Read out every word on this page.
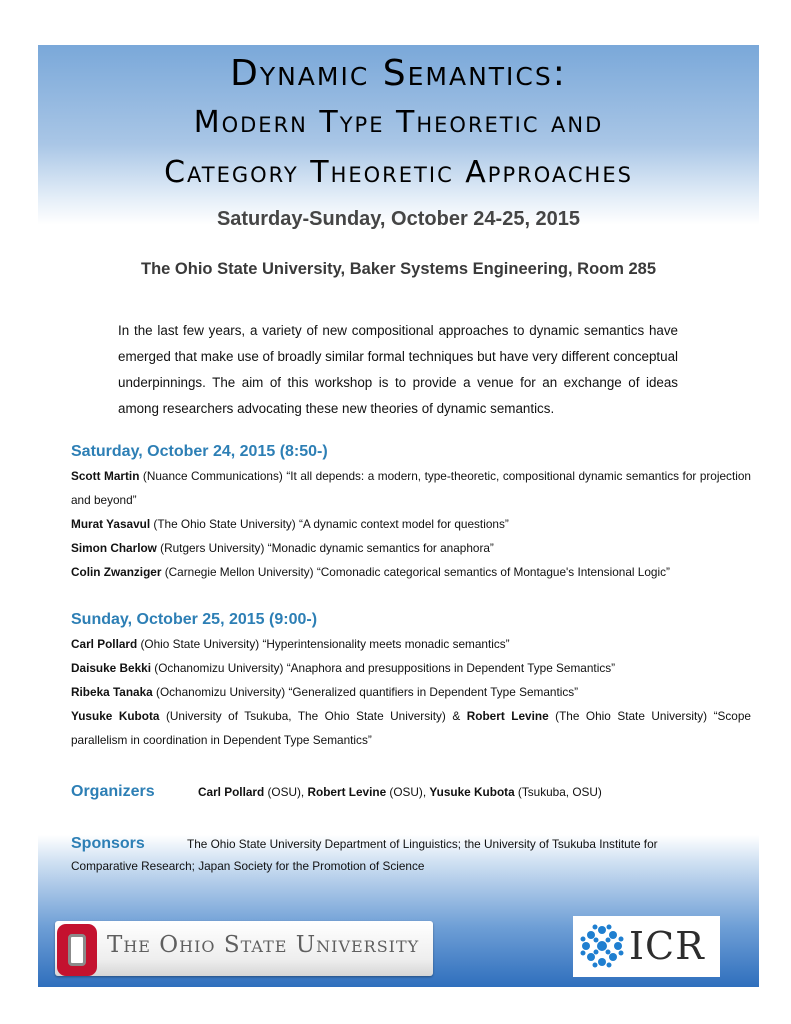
Dynamic Semantics:
Modern Type Theoretic and
Category Theoretic Approaches
Saturday-Sunday, October 24-25, 2015
The Ohio State University, Baker Systems Engineering, Room 285

In the last few years, a variety of new compositional approaches to dynamic semantics have emerged that make use of broadly similar formal techniques but have very different conceptual underpinnings. The aim of this workshop is to provide a venue for an exchange of ideas among researchers advocating these new theories of dynamic semantics.

Saturday, October 24, 2015 (8:50-)
Scott Martin (Nuance Communications) “It all depends: a modern, type-theoretic, compositional dynamic semantics for projection and beyond”
Murat Yasavul (The Ohio State University) “A dynamic context model for questions”
Simon Charlow (Rutgers University) “Monadic dynamic semantics for anaphora”
Colin Zwanziger (Carnegie Mellon University) “Comonadic categorical semantics of Montague's Intensional Logic”
Sunday, October 25, 2015 (9:00-)
Carl Pollard (Ohio State University) “Hyperintensionality meets monadic semantics”
Daisuke Bekki (Ochanomizu University) “Anaphora and presuppositions in Dependent Type Semantics”
Ribeka Tanaka (Ochanomizu University) “Generalized quantifiers in Dependent Type Semantics”
Yusuke Kubota (University of Tsukuba, The Ohio State University) & Robert Levine (The Ohio State University) “Scope parallelism in coordination in Dependent Type Semantics”
Organizers	Carl Pollard (OSU), Robert Levine (OSU), Yusuke Kubota (Tsukuba, OSU)
Sponsors	The Ohio State University Department of Linguistics; the University of Tsukuba Institute for Comparative Research; Japan Society for the Promotion of Science
The Ohio State University	ICR
